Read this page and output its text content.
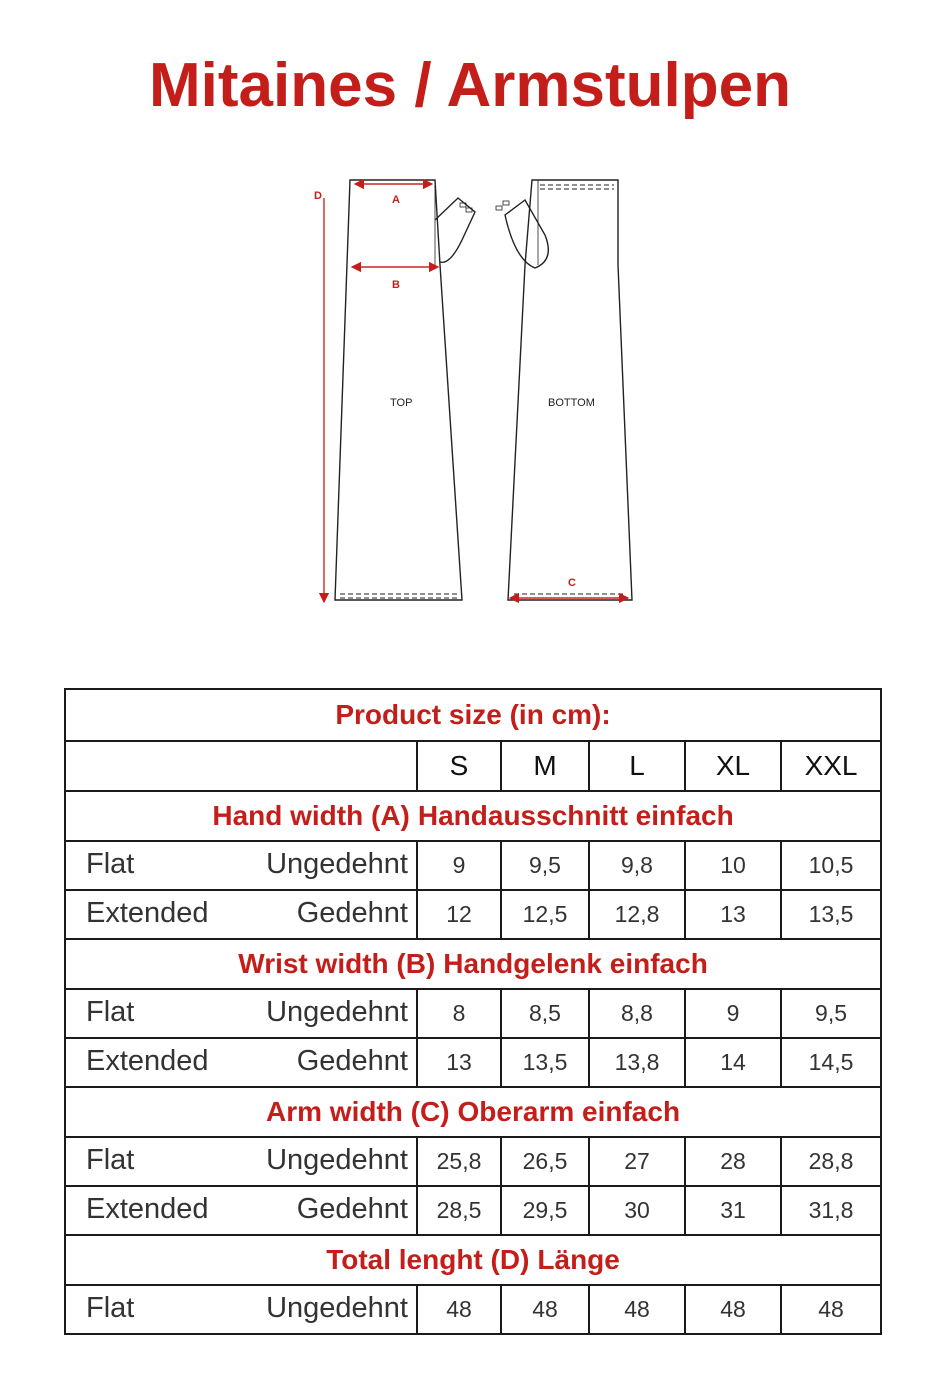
Mitaines / Armstulpen
D	A
B
C
TOP	BOTTOM
Product size (in cm):					
	S	M	L	XL	XXL
Hand width (A) Handausschnitt einfach					

Flat Ungedehnt	9	9,5	9,8	10	10,5

Extended Gedehnt	12	12,5	12,8	13	13,5
Wrist width (B) Handgelenk einfach					

Flat Ungedehnt	8	8,5	8,8	9	9,5

Extended Gedehnt	13	13,5	13,8	14	14,5
Arm width (C) Oberarm einfach					

Flat Ungedehnt	25,8	26,5	27	28	28,8

Extended Gedehnt	28,5	29,5	30	31	31,8
Total lenght (D) Länge					

Flat Ungedehnt	48	48	48	48	48
